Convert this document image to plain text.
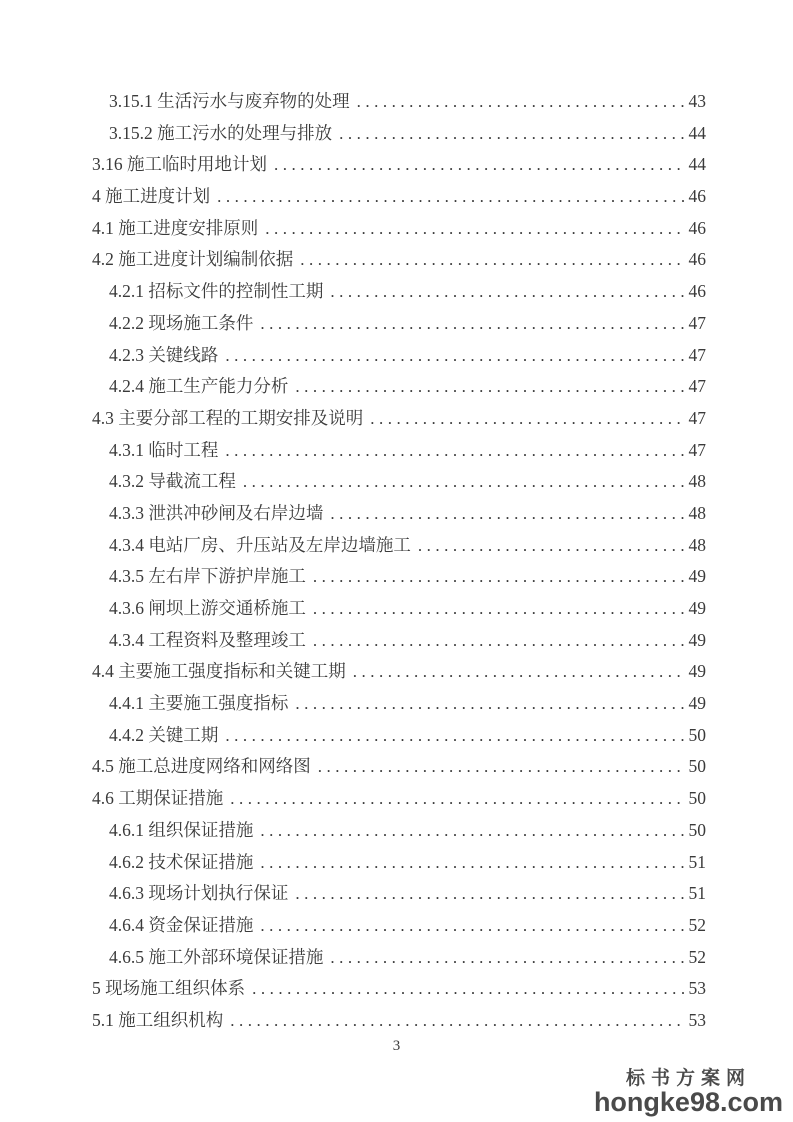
3.15.1 生活污水与废弃物的处理 .....	43
3.15.2 施工污水的处理与排放 .....	44
3.16 施工临时用地计划 .....	44
4 施工进度计划 .....	46
4.1 施工进度安排原则 .....	46
4.2 施工进度计划编制依据 .....	46
4.2.1 招标文件的控制性工期 .....	46
4.2.2 现场施工条件 .....	47
4.2.3 关键线路 .....	47
4.2.4 施工生产能力分析 .....	47
4.3 主要分部工程的工期安排及说明 .....	47
4.3.1 临时工程 .....	47
4.3.2 导截流工程 .....	48
4.3.3 泄洪冲砂闸及右岸边墙 .....	48
4.3.4 电站厂房、升压站及左岸边墙施工 .....	48
4.3.5 左右岸下游护岸施工 .....	49
4.3.6 闸坝上游交通桥施工 .....	49
4.3.4 工程资料及整理竣工 .....	49
4.4 主要施工强度指标和关键工期 .....	49
4.4.1 主要施工强度指标 .....	49
4.4.2 关键工期 .....	50
4.5 施工总进度网络和网络图 .....	50
4.6 工期保证措施 .....	50
4.6.1 组织保证措施 .....	50
4.6.2 技术保证措施 .....	51
4.6.3 现场计划执行保证 .....	51
4.6.4 资金保证措施 .....	52
4.6.5 施工外部环境保证措施 .....	52
5 现场施工组织体系 .....	53
5.1 施工组织机构 .....	53
3
标书方案网
hongke98.com
